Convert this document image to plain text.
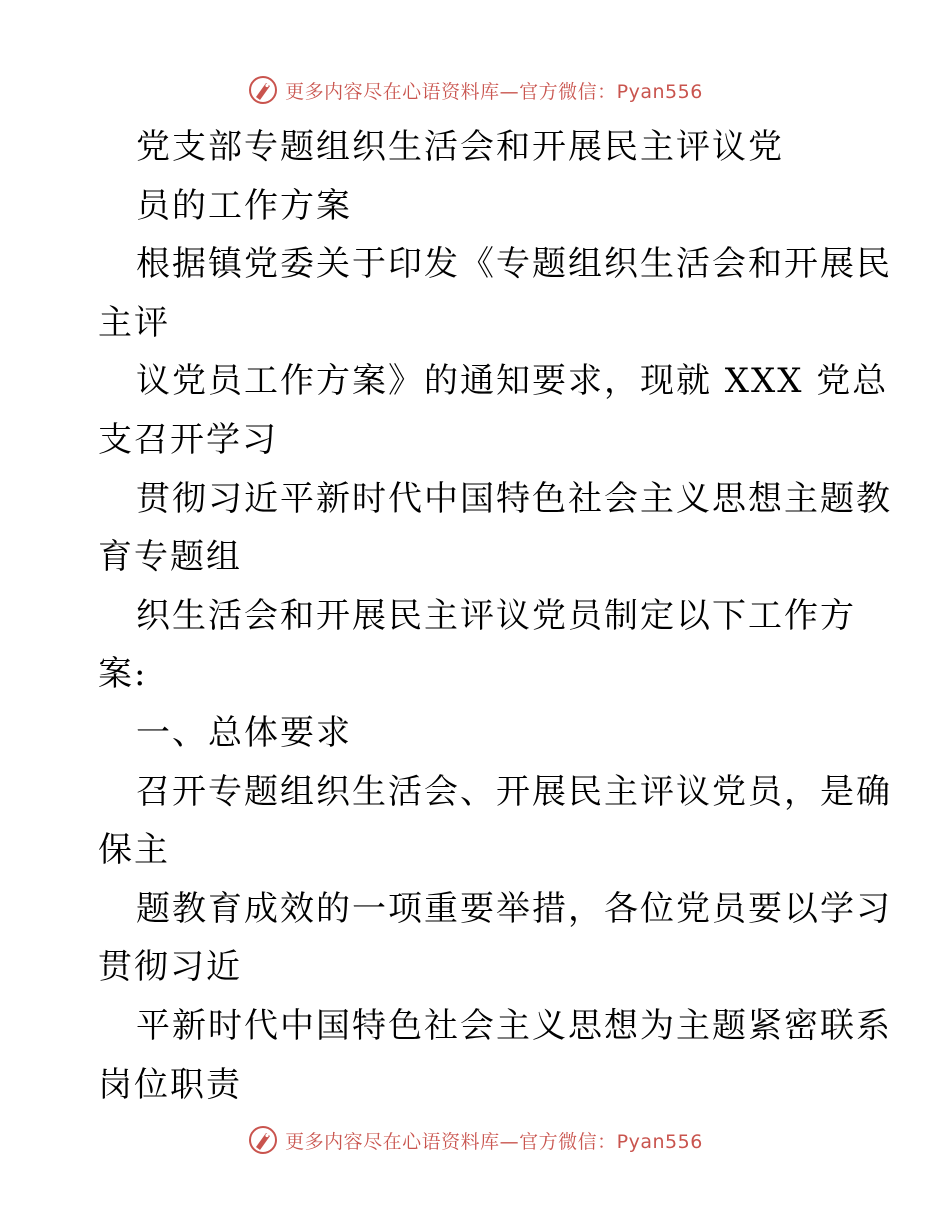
更多内容尽在心语资料库—官方微信：Pyan556
党支部专题组织生活会和开展民主评议党
员的工作方案
根据镇党委关于印发《专题组织生活会和开展民
主评
议党员工作方案》的通知要求，现就 XXX 党总
支召开学习
贯彻习近平新时代中国特色社会主义思想主题教
育专题组
织生活会和开展民主评议党员制定以下工作方
案:
一、总体要求
召开专题组织生活会、开展民主评议党员，是确
保主
题教育成效的一项重要举措，各位党员要以学习
贯彻习近
平新时代中国特色社会主义思想为主题紧密联系
岗位职责
更多内容尽在心语资料库—官方微信：Pyan556
